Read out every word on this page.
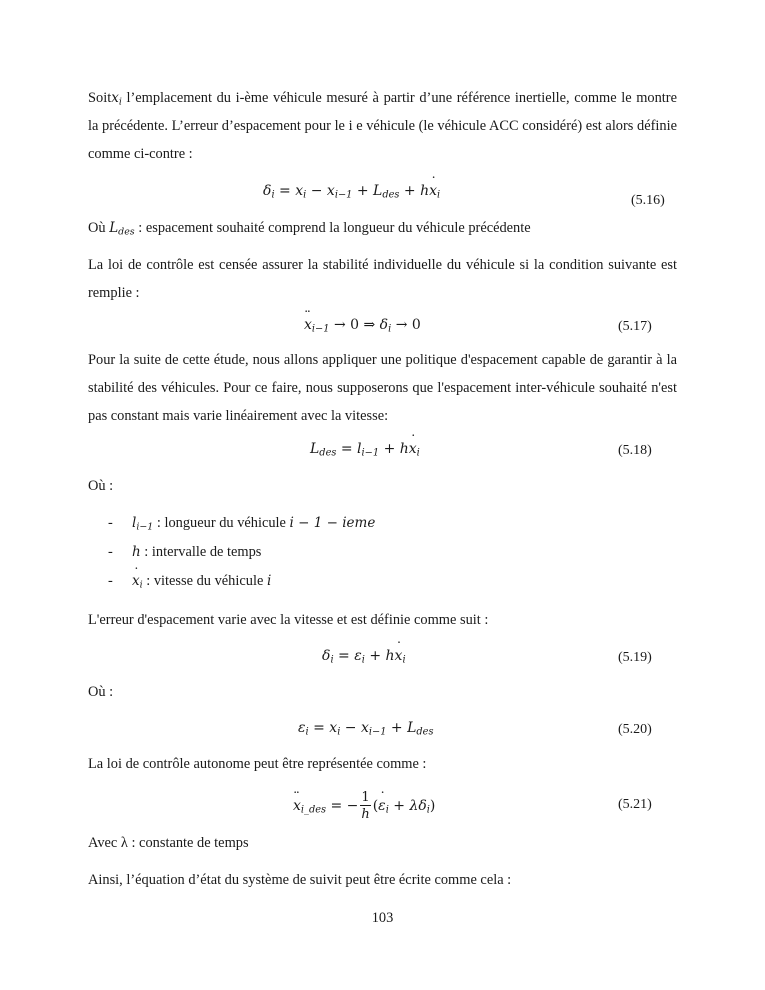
Soitx$_i$ l’emplacement du i-ème véhicule mesuré à partir d’une référence inertielle, comme le montre la précédente. L’erreur d’espacement pour le i e véhicule (le véhicule ACC considéré) est alors définie comme ci-contre :

$\delta_i = x_i - x_{i-1} + L_{des}$ + h˙ $x_i$	(5.16)

Où $L_{des}$ : espacement souhaité comprend la longueur du véhicule précédente

La loi de contrôle est censée assurer la stabilité individuelle du véhicule si la condition suivante est remplie :

¨ $x_{i-1} \to 0$ ⇒ $\delta_i \to 0$	(5.17)

Pour la suite de cette étude, nous allons appliquer une politique d'espacement capable de garantir à la stabilité des véhicules. Pour ce faire, nous supposerons que l'espacement inter-véhicule souhaité n'est pas constant mais varie linéairement avec la vitesse:

$L_{des} = l_{i-1}$ + h˙ $x_i$	(5.18)

Où :

- $l_{i-1}$ : longueur du véhicule i − 1 − ieme
- h : intervalle de temps
-˙ $x_i$ : vitesse du véhicule i

L'erreur d'espacement varie avec la vitesse et est définie comme suit :

$\delta_i = \varepsilon_i$ + h˙ $x_i$	(5.19)

Où :

$\varepsilon_i = x_i - x_{i-1} + L_{des}$	(5.20)

La loi de contrôle autonome peut être représentée comme :

¨ $x_{i\_des}$ = − $\frac{1}{h}$ (˙ $\varepsilon_i + \lambda\delta_i$)	(5.21)

Avec λ : constante de temps

Ainsi, l’équation d’état du système de suivit peut être écrite comme cela :

103
